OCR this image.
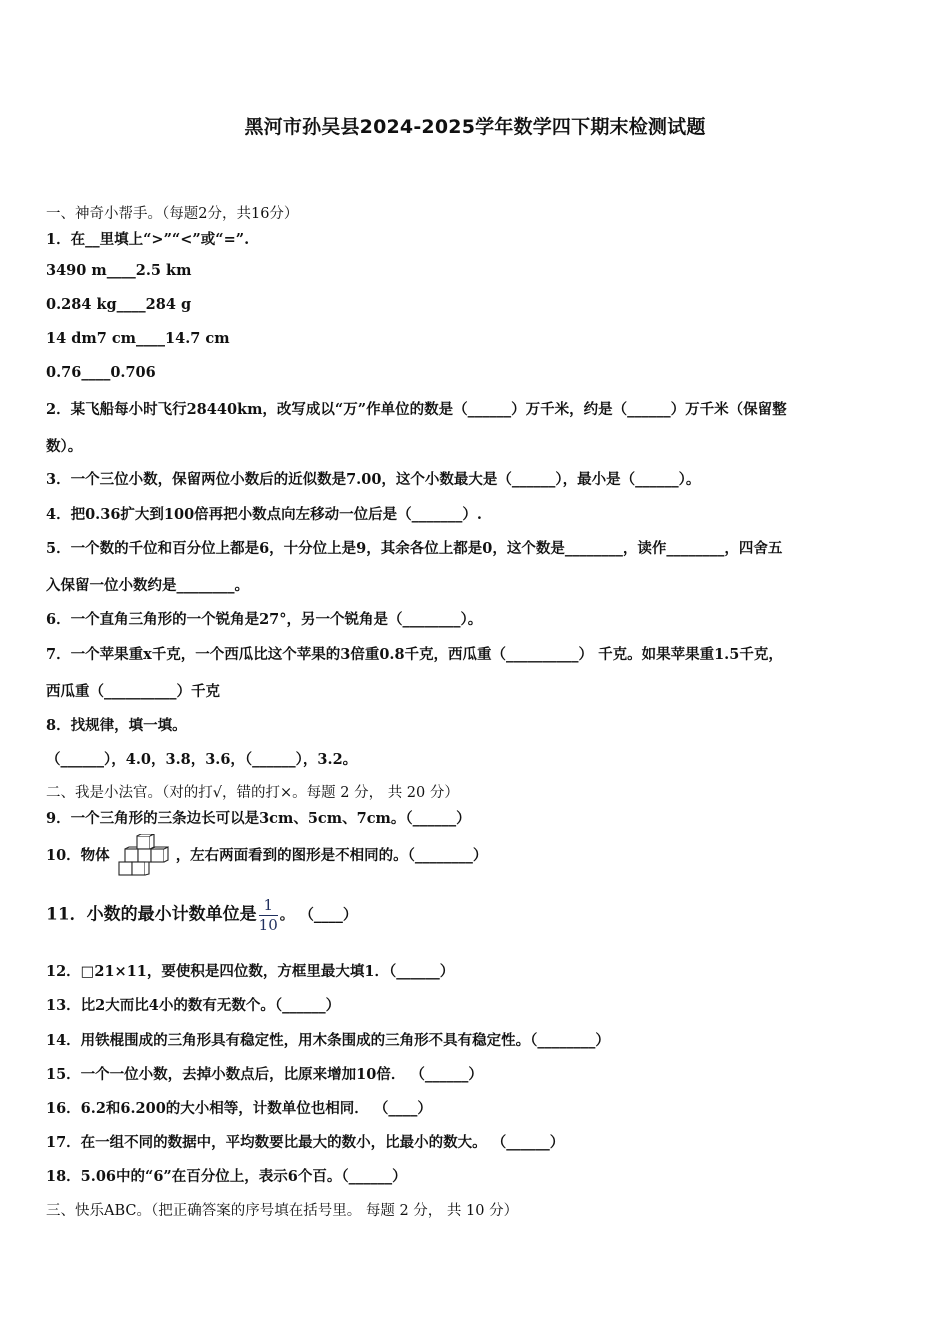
黑河市孙吴县2024-2025学年数学四下期末检测试题
一、神奇小帮手。（每题2分，共16分）
1．在__里填上“>”“<”或“=”.
3490 m____2.5 km
0.284 kg____284 g
14 dm7 cm____14.7 cm
0.76____0.706
2．某飞船每小时飞行28440km，改写成以“万”作单位的数是（______）万千米，约是（______）万千米（保留整
数）。
3．一个三位小数，保留两位小数后的近似数是7.00，这个小数最大是（______），最小是（______）。
4．把0.36扩大到100倍再把小数点向左移动一位后是（_______）.
5．一个数的千位和百分位上都是6，十分位上是9，其余各位上都是0，这个数是________，读作________，四舍五
入保留一位小数约是________。
6．一个直角三角形的一个锐角是27°，另一个锐角是（________）。
7．一个苹果重x千克，一个西瓜比这个苹果的3倍重0.8千克，西瓜重（__________） 千克。如果苹果重1.5千克，
西瓜重（__________）千克
8．找规律，填一填。
（______），4.0，3.8，3.6，（______），3.2。
二、我是小法官。（对的打√，错的打×。每题 2 分， 共 20 分）
9．一个三角形的三条边长可以是3cm、5cm、7cm。（______）
10．物体	，左右两面看到的图形是不相同的。（________）
11．小数的最小计数单位是 $\frac{1}{10}$ 。 （____）
12．□21×11，要使积是四位数，方框里最大填1．（______）
13．比2大而比4小的数有无数个。（______）
14．用铁棍围成的三角形具有稳定性，用木条围成的三角形不具有稳定性。（________）
15．一个一位小数，去掉小数点后，比原来增加10倍． （______）
16．6.2和6.200的大小相等，计数单位也相同． （____）
17．在一组不同的数据中，平均数要比最大的数小，比最小的数大。 （______）
18．5.06中的“6”在百分位上，表示6个百。（______）
三、快乐ABC。（把正确答案的序号填在括号里。 每题 2 分， 共 10 分）
